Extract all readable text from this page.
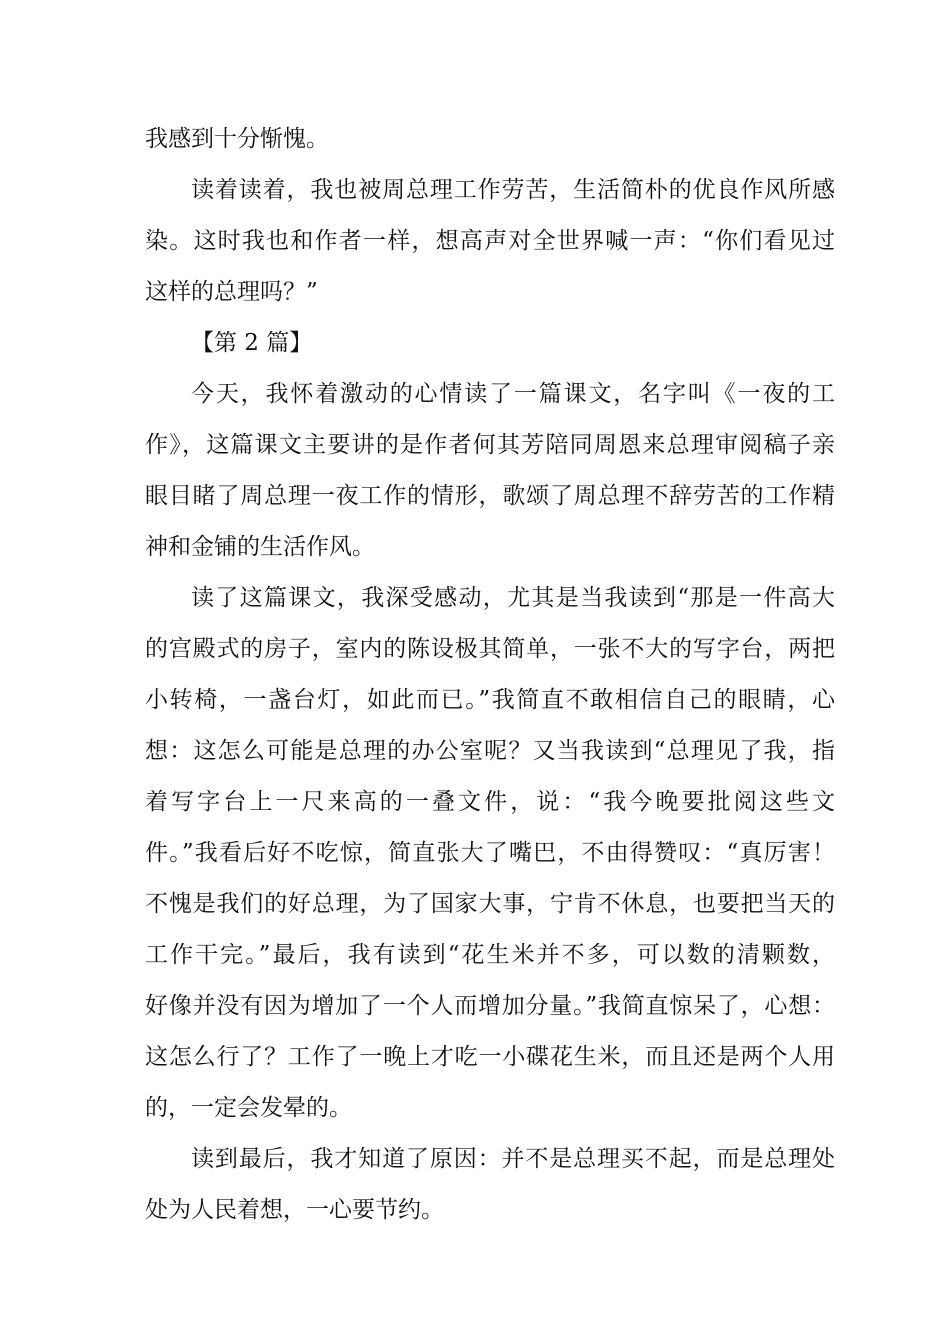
我感到十分惭愧。
读着读着，我也被周总理工作劳苦，生活简朴的优良作风所感
染。这时我也和作者一样，想高声对全世界喊一声：“你们看见过
这样的总理吗？”
【第 2 篇】
今天，我怀着激动的心情读了一篇课文，名字叫《一夜的工
作》，这篇课文主要讲的是作者何其芳陪同周恩来总理审阅稿子亲
眼目睹了周总理一夜工作的情形，歌颂了周总理不辞劳苦的工作精
神和金铺的生活作风。
读了这篇课文，我深受感动，尤其是当我读到“那是一件高大
的宫殿式的房子，室内的陈设极其简单，一张不大的写字台，两把
小转椅，一盏台灯，如此而已。”我简直不敢相信自己的眼睛，心
想：这怎么可能是总理的办公室呢？又当我读到“总理见了我，指
着写字台上一尺来高的一叠文件，说：“我今晚要批阅这些文
件。”我看后好不吃惊，简直张大了嘴巴，不由得赞叹：“真厉害！
不愧是我们的好总理，为了国家大事，宁肯不休息，也要把当天的
工作干完。”最后，我有读到“花生米并不多，可以数的清颗数，
好像并没有因为增加了一个人而增加分量。”我简直惊呆了，心想：
这怎么行了？工作了一晚上才吃一小碟花生米，而且还是两个人用
的，一定会发晕的。
读到最后，我才知道了原因：并不是总理买不起，而是总理处
处为人民着想，一心要节约。
